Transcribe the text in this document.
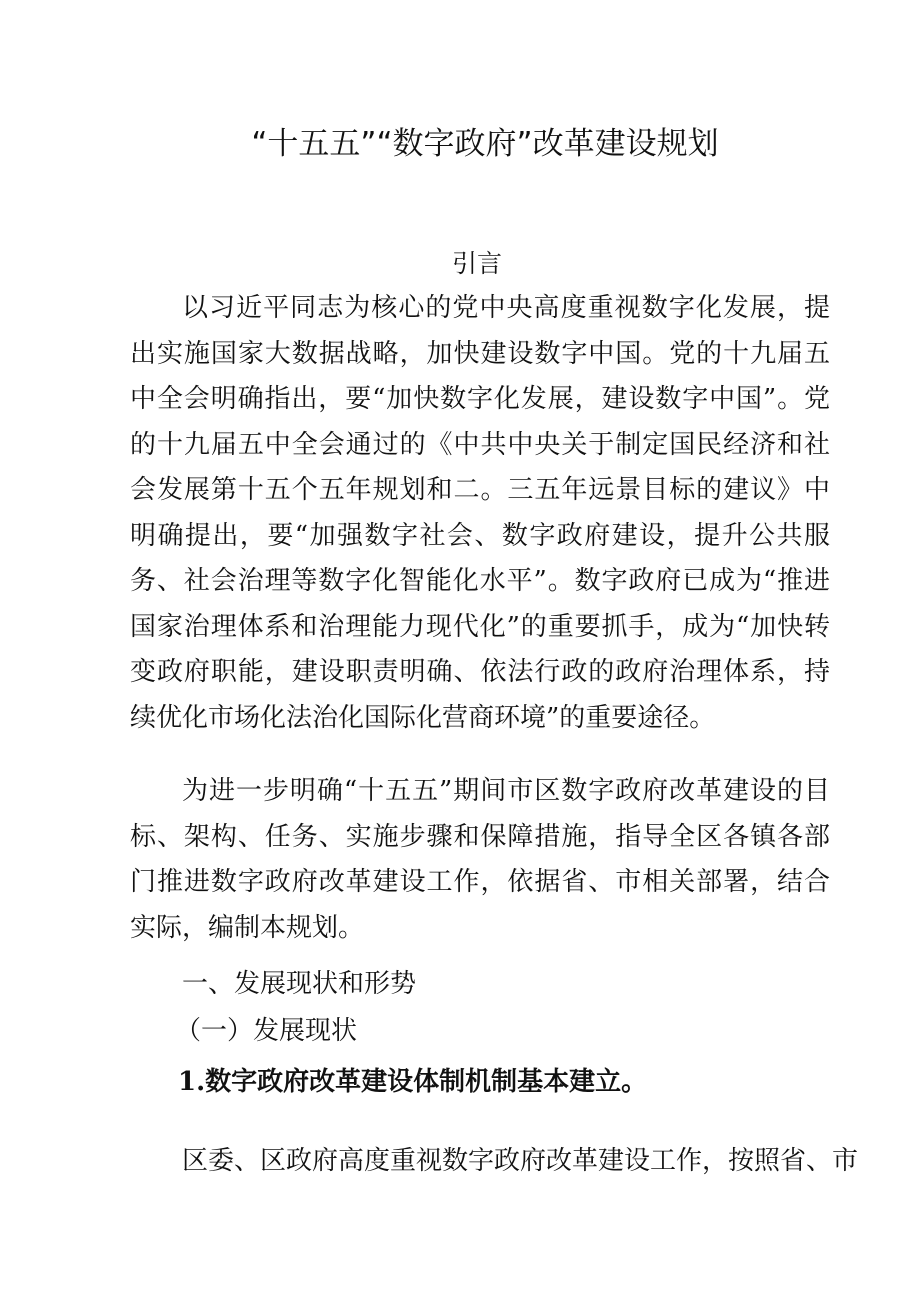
“十五五”“数字政府”改革建设规划

引言

以习近平同志为核心的党中央高度重视数字化发展，提出实施国家大数据战略，加快建设数字中国。党的十九届五中全会明确指出，要“加快数字化发展，建设数字中国”。党的十九届五中全会通过的《中共中央关于制定国民经济和社会发展第十五个五年规划和二。三五年远景目标的建议》中明确提出，要“加强数字社会、数字政府建设，提升公共服务、社会治理等数字化智能化水平”。数字政府已成为“推进国家治理体系和治理能力现代化”的重要抓手，成为“加快转变政府职能，建设职责明确、依法行政的政府治理体系，持续优化市场化法治化国际化营商环境”的重要途径。

为进一步明确“十五五”期间市区数字政府改革建设的目标、架构、任务、实施步骤和保障措施，指导全区各镇各部门推进数字政府改革建设工作，依据省、市相关部署，结合实际，编制本规划。

一、发展现状和形势

（一）发展现状

1.数字政府改革建设体制机制基本建立。

区委、区政府高度重视数字政府改革建设工作，按照省、市
